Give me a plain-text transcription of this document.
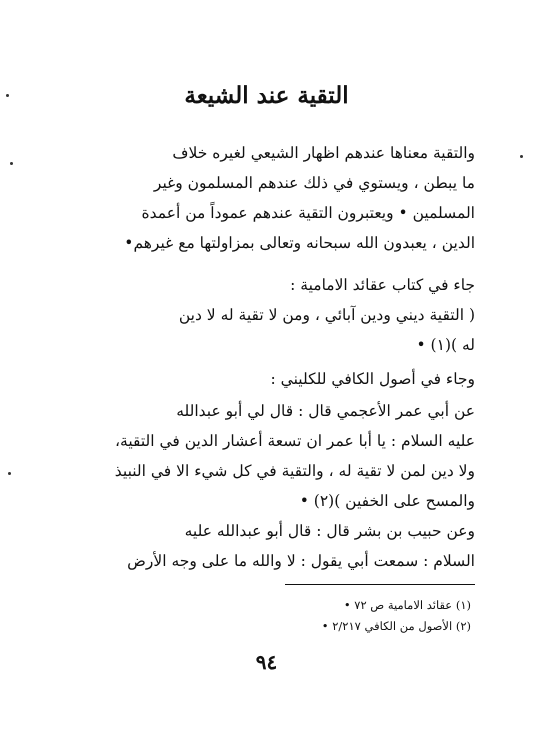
التقية عند الشيعة

والتقية معناها عندهم اظهار الشيعي لغيره خلاف

ما يبطن ، ويستوي في ذلك عندهم المسلمون وغير

المسلمين • ويعتبرون التقية عندهم عموداً من أعمدة

الدين ، يعبدون الله سبحانه وتعالى بمزاولتها مع غيرهم•

جاء في كتاب عقائد الامامية :

( التقية ديني ودين آبائي ، ومن لا تقية له لا دين

له )(١) •

وجاء في أصول الكافي للكليني :

عن أبي عمر الأعجمي قال : قال لي أبو عبدالله

عليه السلام : يا أبا عمر ان تسعة أعشار الدين في التقية،

ولا دين لمن لا تقية له ، والتقية في كل شيء الا في النبيذ

والمسح على الخفين )(٢) •

وعن حبيب بن بشر قال : قال أبو عبدالله عليه

السلام : سمعت أبي يقول : لا والله ما على وجه الأرض

(١) عقائد الامامية ص ٧٢ •
(٢) الأصول من الكافي ٢/٢١٧ •
٩٤
